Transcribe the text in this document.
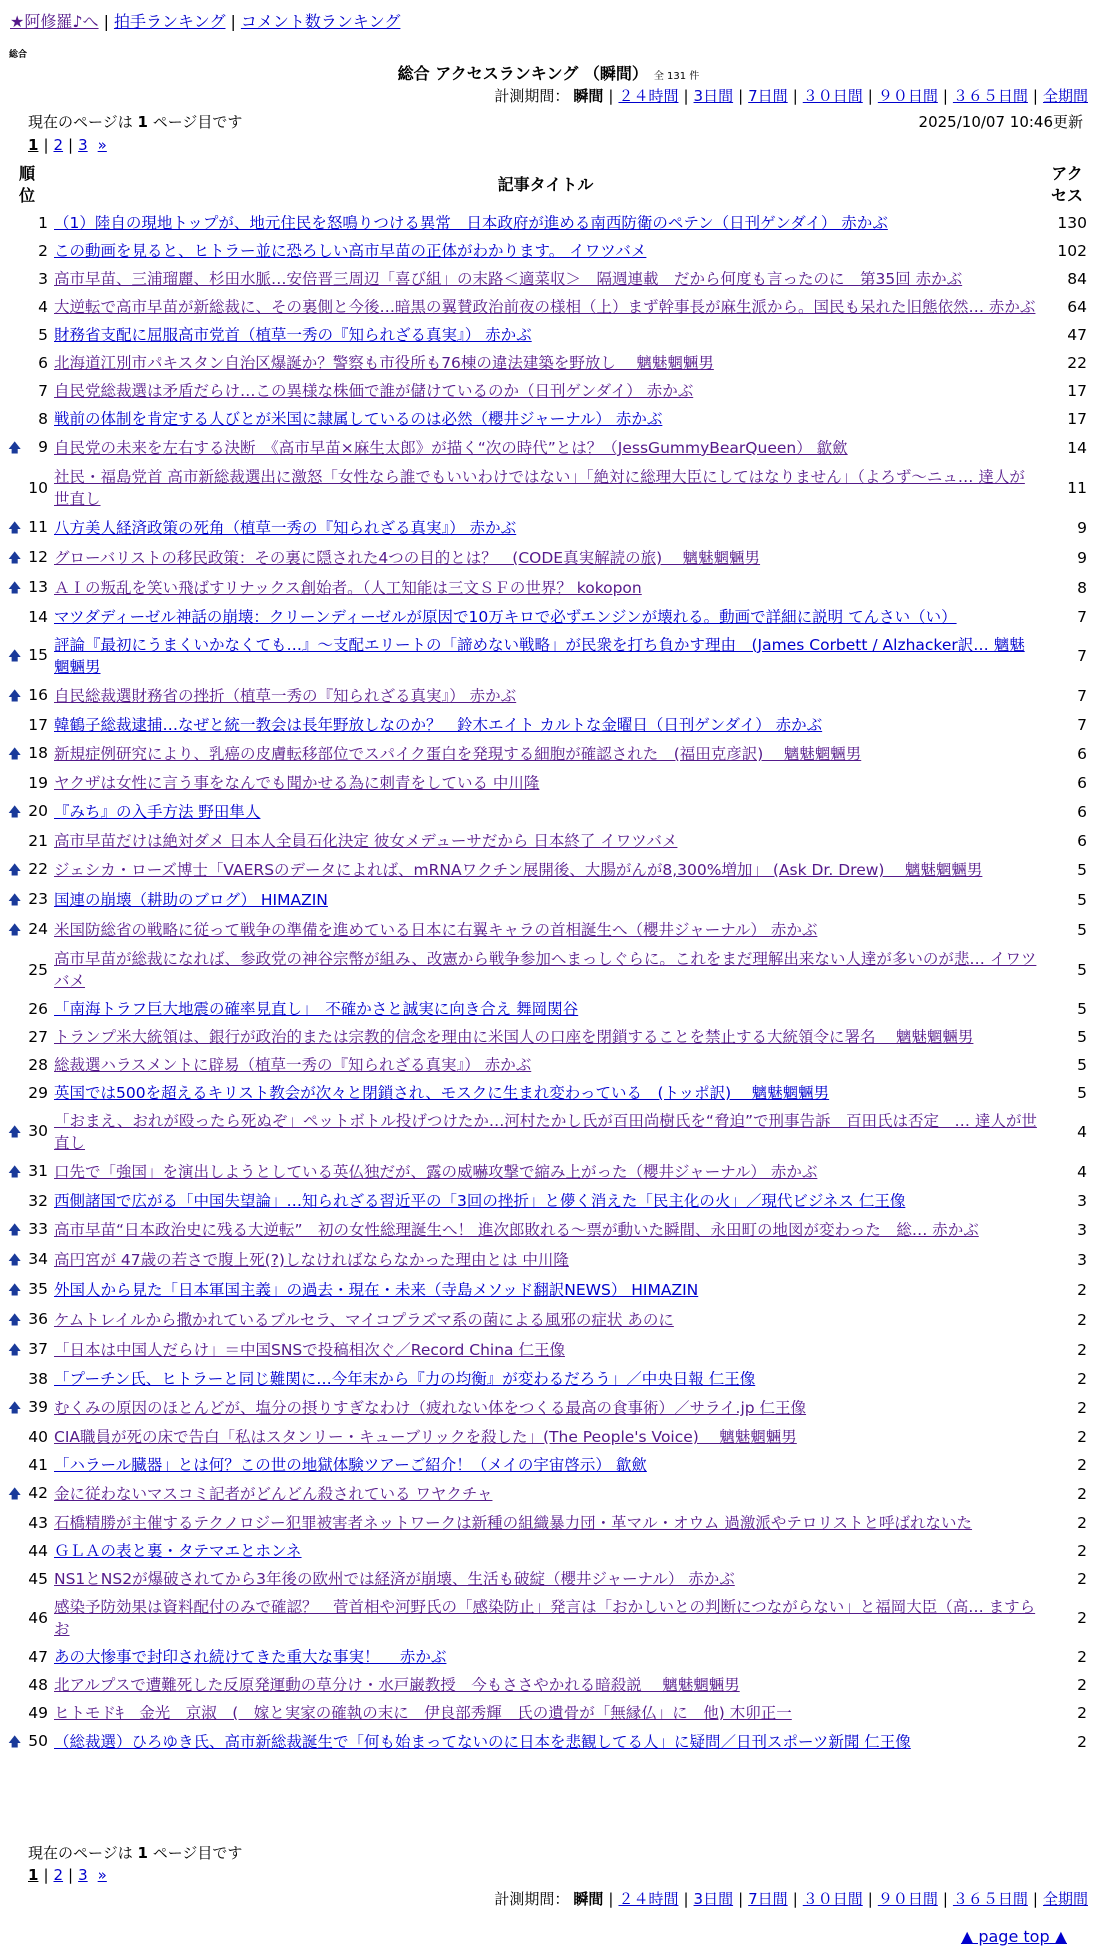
★阿修羅♪へ | 拍手ランキング | コメント数ランキング
総合
総合 アクセスランキング （瞬間） 全 131 件
計測期間： 瞬間 | ２４時間 | 3日間 | 7日間 | ３０日間 | ９０日間 | ３６５日間 | 全期間
現在のページは 1 ページ目です	2025/10/07 10:46更新
1 | 2 | 3 »
順
位	記事タイトル	アク
セス
1	（1）陸自の現地トップが、地元住民を怒鳴りつける異常　日本政府が進める南西防衛のペテン（日刊ゲンダイ） 赤かぶ	130
2	この動画を見ると、ヒトラー並に恐ろしい高市早苗の正体がわかります。 イワツバメ	102
3	高市早苗、三浦瑠麗、杉田水脈…安倍晋三周辺「喜び組」の末路＜適菜収＞　隔週連載　だから何度も言ったのに　第35回 赤かぶ	84
4	大逆転で高市早苗が新総裁に、その裏側と今後…暗黒の翼賛政治前夜の様相（上）まず幹事長が麻生派から。国民も呆れた旧態依然… 赤かぶ	64
5	財務省支配に屈服高市党首（植草一秀の『知られざる真実』） 赤かぶ	47
6	北海道江別市パキスタン自治区爆誕か？警察も市役所も76棟の違法建築を野放し　 魑魅魍魎男	22
7	自民党総裁選は矛盾だらけ…この異様な株価で誰が儲けているのか（日刊ゲンダイ） 赤かぶ	17
8	戦前の体制を肯定する人びとが米国に隷属しているのは必然（櫻井ジャーナル） 赤かぶ	17
🡅 9	自民党の未来を左右する決断　《高市早苗×麻生太郎》が描く“次の時代”とは？（JessGummyBearQueen） 歙歛	14
10	社民・福島党首 高市新総裁選出に激怒「女性なら誰でもいいわけではない」「絶対に総理大臣にしてはなりません」（よろず〜ニュ… 達人が世直し	11
🡅 11	八方美人経済政策の死角（植草一秀の『知られざる真実』） 赤かぶ	9
🡅 12	グローバリストの移民政策：その裏に隠された4つの目的とは？　(CODE真実解読の旅)　 魑魅魍魎男	9
🡅 13	ＡＩの叛乱を笑い飛ばすリナックス創始者。（人工知能は三文ＳＦの世界？ kokopon	8
14	マツダディーゼル神話の崩壊：クリーンディーゼルが原因で10万キロで必ずエンジンが壊れる。動画で詳細に説明 てんさい（い）	7
🡅 15	評論『最初にうまくいかなくても…』〜支配エリートの「諦めない戦略」が民衆を打ち負かす理由　(James Corbett / Alzhacker訳… 魑魅魍魎男	7
🡅 16	自民総裁選財務省の挫折（植草一秀の『知られざる真実』） 赤かぶ	7
17	韓鶴子総裁逮捕…なぜと統一教会は長年野放しなのか？　鈴木エイト カルトな金曜日（日刊ゲンダイ） 赤かぶ	7
🡅 18	新規症例研究により、乳癌の皮膚転移部位でスパイク蛋白を発現する細胞が確認された　(福田克彦訳)　 魑魅魍魎男	6
19	ヤクザは女性に言う事をなんでも聞かせる為に刺青をしている 中川隆	6
🡅 20	『みち』の入手方法 野田隼人	6
21	高市早苗だけは絶対ダメ 日本人全員石化決定 彼女メデューサだから 日本終了 イワツバメ	6
🡅 22	ジェシカ・ローズ博士「VAERSのデータによれば、mRNAワクチン展開後、大腸がんが8,300%増加」 (Ask Dr. Drew)　 魑魅魍魎男	5
🡅 23	国連の崩壊（耕助のブログ） HIMAZIN	5
🡅 24	米国防総省の戦略に従って戦争の準備を進めている日本に右翼キャラの首相誕生へ（櫻井ジャーナル） 赤かぶ	5
25	高市早苗が総裁になれば、参政党の神谷宗幣が組み、改憲から戦争参加へまっしぐらに。これをまだ理解出来ない人達が多いのが悲… イワツバメ	5
26	「南海トラフ巨大地震の確率見直し」　不確かさと誠実に向き合え 舞岡関谷	5
27	トランプ米大統領は、銀行が政治的または宗教的信念を理由に米国人の口座を閉鎖することを禁止する大統領令に署名　 魑魅魍魎男	5
28	総裁選ハラスメントに辟易（植草一秀の『知られざる真実』） 赤かぶ	5
29	英国では500を超えるキリスト教会が次々と閉鎖され、モスクに生まれ変わっている　(トッポ訳)　 魑魅魍魎男	5
🡅 30	「おまえ、おれが殴ったら死ぬぞ」ペットボトル投げつけたか…河村たかし氏が百田尚樹氏を“脅迫”で刑事告訴　百田氏は否定　… 達人が世直し	4
🡅 31	口先で「強国」を演出しようとしている英仏独だが、露の威嚇攻撃で縮み上がった（櫻井ジャーナル） 赤かぶ	4
32	西側諸国で広がる「中国失望論」…知られざる習近平の「3回の挫折」と儚く消えた「民主化の火」／現代ビジネス 仁王像	3
🡅 33	高市早苗“日本政治史に残る大逆転”　初の女性総理誕生へ！ 進次郎敗れる〜票が動いた瞬間、永田町の地図が変わった　総… 赤かぶ	3
🡅 34	高円宮が 47歳の若さで腹上死(?)しなければならなかった理由とは 中川隆	3
🡅 35	外国人から見た「日本軍国主義」の過去・現在・未来（寺島メソッド翻訳NEWS） HIMAZIN	2
🡅 36	ケムトレイルから撒かれているブルセラ、マイコプラズマ系の菌による風邪の症状 あのに	2
🡅 37	「日本は中国人だらけ」＝中国SNSで投稿相次ぐ／Record China 仁王像	2
38	「プーチン氏、ヒトラーと同じ難関に…今年末から『力の均衡』が変わるだろう」／中央日報 仁王像	2
🡅 39	むくみの原因のほとんどが、塩分の摂りすぎなわけ（疲れない体をつくる最高の食事術）／サライ.jp 仁王像	2
40	CIA職員が死の床で告白「私はスタンリー・キューブリックを殺した」(The People's Voice)　 魑魅魍魎男	2
41	「ハラール臓器」とは何？この世の地獄体験ツアーご紹介！（メイの宇宙啓示） 歙歛	2
🡅 42	金に従わないマスコミ記者がどんどん殺されている ワヤクチャ	2
43	石橋精勝が主催するテクノロジー犯罪被害者ネットワークは新種の組織暴力団・革マル・オウム 過激派やテロリストと呼ばれないた	2
44	ＧＬＡの表と裏・タテマエとホンネ	2
45	NS1とNS2が爆破されてから3年後の欧州では経済が崩壊、生活も破綻（櫻井ジャーナル） 赤かぶ	2
46	感染予防効果は資料配付のみで確認？　菅首相や河野氏の「感染防止」発言は「おかしいとの判断につながらない」と福岡大臣（高… ますらお	2
47	あの大惨事で封印され続けてきた重大な事実！　 赤かぶ	2
48	北アルプスで遭難死した反原発運動の草分け・水戸巌教授　今もささやかれる暗殺説　 魑魅魍魎男	2
49	ヒトモドｷ　金光　京淑　(　嫁と実家の確執の末に　伊良部秀輝　氏の遺骨が「無縁仏」に　他) 木卯正一	2
🡅 50	（総裁選）ひろゆき氏、高市新総裁誕生で「何も始まってないのに日本を悲観してる人」に疑問／日刊スポーツ新聞 仁王像	2
現在のページは 1 ページ目です
1 | 2 | 3 »
計測期間： 瞬間 | ２４時間 | 3日間 | 7日間 | ３０日間 | ９０日間 | ３６５日間 | 全期間
▲ page top ▲
